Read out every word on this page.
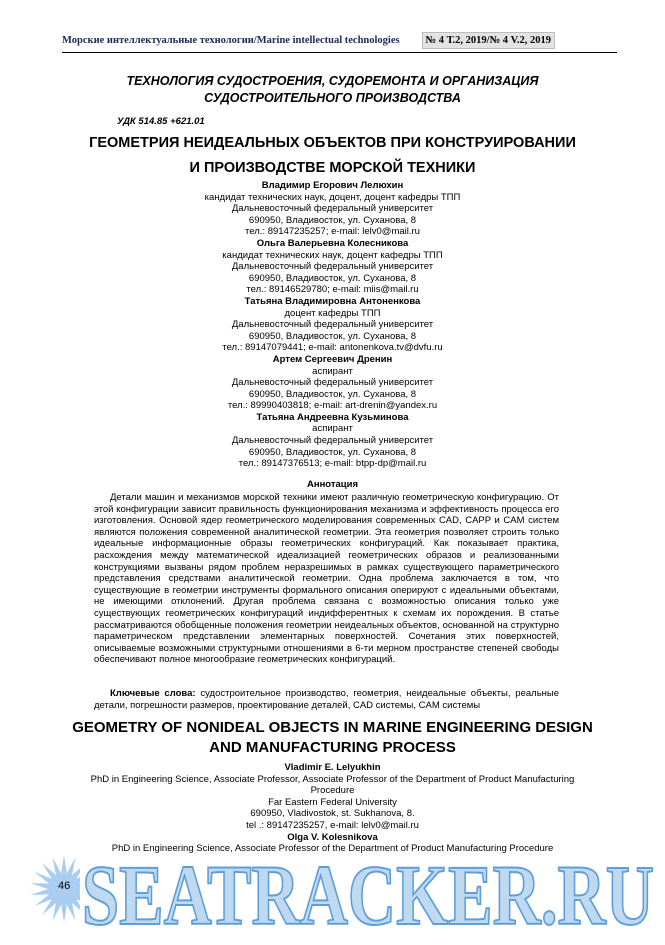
Морские интеллектуальные технологии/Marine intellectual technologies	№ 4 Т.2, 2019/№ 4 V.2, 2019
ТЕХНОЛОГИЯ СУДОСТРОЕНИЯ, СУДОРЕМОНТА И ОРГАНИЗАЦИЯ СУДОСТРОИТЕЛЬНОГО ПРОИЗВОДСТВА
УДК 514.85 +621.01
ГЕОМЕТРИЯ НЕИДЕАЛЬНЫХ ОБЪЕКТОВ ПРИ КОНСТРУИРОВАНИИ
И ПРОИЗВОДСТВЕ МОРСКОЙ ТЕХНИКИ
Владимир Егорович Лелюхин
кандидат технических наук, доцент, доцент кафедры ТПП
Дальневосточный федеральный университет
690950, Владивосток, ул. Суханова, 8
тел.: 89147235257; e-mail: lelv0@mail.ru
Ольга Валерьевна Колесникова
кандидат технических наук, доцент кафедры ТПП
Дальневосточный федеральный университет
690950, Владивосток, ул. Суханова, 8
тел.: 89146529780; e-mail: miis@mail.ru
Татьяна Владимировна Антоненкова
доцент кафедры ТПП
Дальневосточный федеральный университет
690950, Владивосток, ул. Суханова, 8
тел.: 89147079441; e-mail: antonenkova.tv@dvfu.ru
Артем Сергеевич Дренин
аспирант
Дальневосточный федеральный университет
690950, Владивосток, ул. Суханова, 8
тел.: 89990403818; e-mail: art-drenin@yandex.ru
Татьяна Андреевна Кузьминова
аспирант
Дальневосточный федеральный университет
690950, Владивосток, ул. Суханова, 8
тел.: 89147376513; e-mail: btpp-dp@mail.ru
Аннотация

Детали машин и механизмов морской техники имеют различную геометрическую конфигурацию. От этой конфигурации зависит правильность функционирования механизма и эффективность процесса его изготовления. Основой ядер геометрического моделирования современных CAD, CAPP и CAM систем являются положения современной аналитической геометрии. Эта геометрия позволяет строить только идеальные информационные образы геометрических конфигураций. Как показывает практика, расхождения между математической идеализацией геометрических образов и реализованными конструкциями вызваны рядом проблем неразрешимых в рамках существующего параметрического представления средствами аналитической геометрии. Одна проблема заключается в том, что существующие в геометрии инструменты формального описания оперируют с идеальными объектами, не имеющими отклонений. Другая проблема связана с возможностью описания только уже существующих геометрических конфигураций индифферентных к схемам их порождения. В статье рассматриваются обобщенные положения геометрии неидеальных объектов, основанной на структурно параметрическом представлении элементарных поверхностей. Сочетания этих поверхностей, описываемые возможными структурными отношениями в 6-ти мерном пространстве степеней свободы обеспечивают полное многообразие геометрических конфигураций.

Ключевые слова: судостроительное производство, геометрия, неидеальные объекты, реальные детали, погрешности размеров, проектирование деталей, CAD системы, CAM системы

GEOMETRY OF NONIDEAL OBJECTS IN MARINE ENGINEERING DESIGN
AND MANUFACTURING PROCESS
Vladimir E. Lelyukhin
PhD in Engineering Science, Associate Professor, Associate Professor of the Department of Product Manufacturing
Procedure
Far Eastern Federal University
690950, Vladivostok, st. Sukhanova, 8.
tel .: 89147235257, e-mail: lelv0@mail.ru
Olga V. Kolesnikova
PhD in Engineering Science, Associate Professor of the Department of Product Manufacturing Procedure
46 SEATRACKER.RU
